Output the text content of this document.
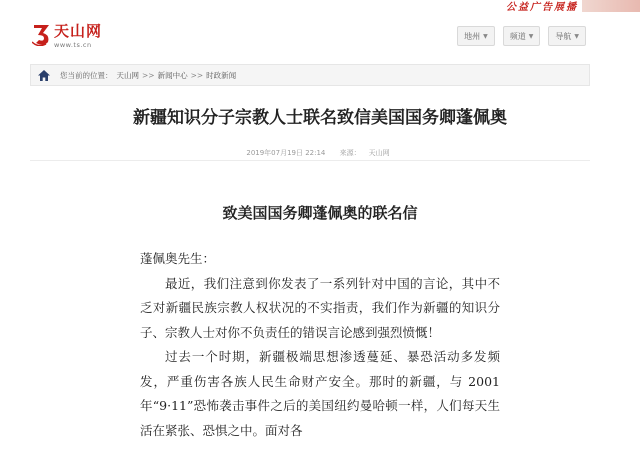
公益广告展播
天山网
www.ts.cn
地州 ▼	频道 ▼	导航 ▼
您当前的位置： 天山网 >> 新闻中心 >> 时政新闻
新疆知识分子宗教人士联名致信美国国务卿蓬佩奥
2019年07月19日 22:14 来源： 天山网
致美国国务卿蓬佩奥的联名信

蓬佩奥先生：

最近，我们注意到你发表了一系列针对中国的言论，其中不乏对新疆民族宗教人权状况的不实指责，我们作为新疆的知识分子、宗教人士对你不负责任的错误言论感到强烈愤慨！

过去一个时期，新疆极端思想渗透蔓延、暴恐活动多发频发，严重伤害各族人民生命财产安全。那时的新疆，与 2001 年“9·11”恐怖袭击事件之后的美国纽约曼哈顿一样，人们每天生活在紧张、恐惧之中。面对各
